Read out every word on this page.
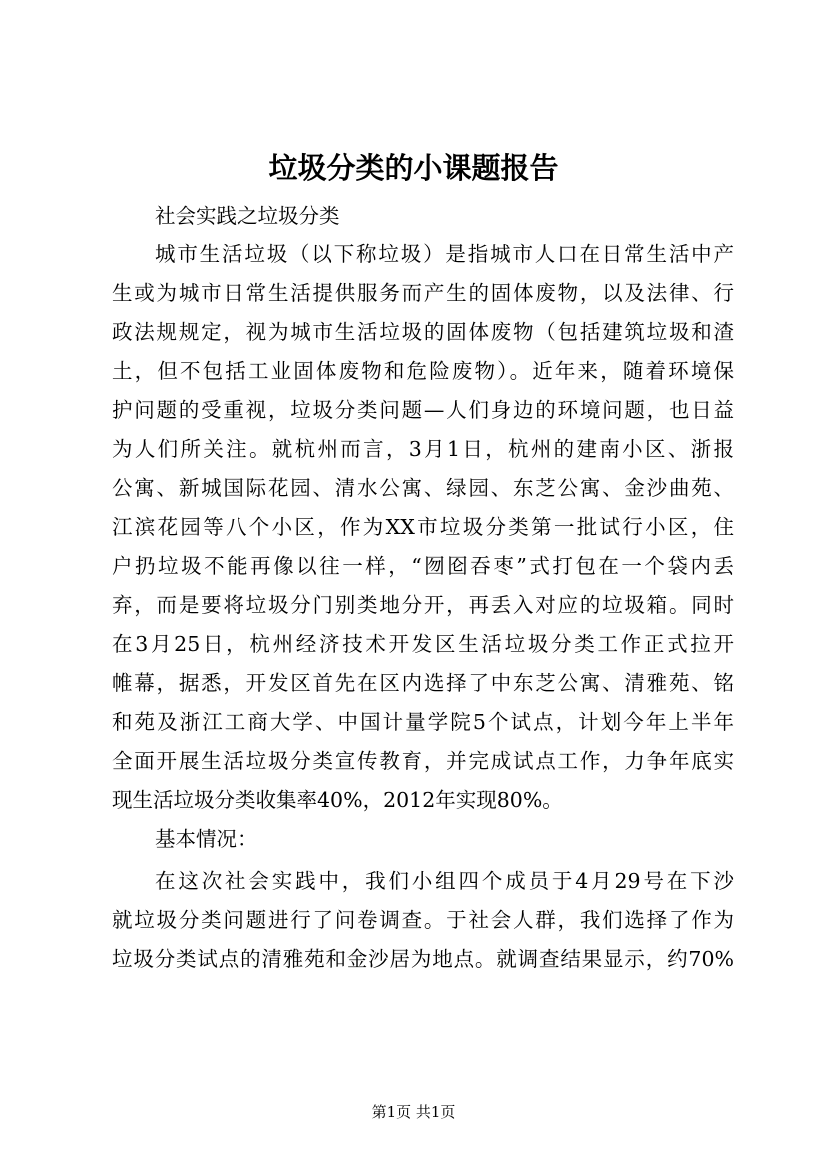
垃圾分类的小课题报告
社会实践之垃圾分类
城市生活垃圾（以下称垃圾）是指城市人口在日常生活中产
生或为城市日常生活提供服务而产生的固体废物，以及法律、行
政法规规定，视为城市生活垃圾的固体废物（包括建筑垃圾和渣
土，但不包括工业固体废物和危险废物）。近年来，随着环境保
护问题的受重视，垃圾分类问题—人们身边的环境问题，也日益
为人们所关注。就杭州而言，3月1日，杭州的建南小区、浙报
公寓、新城国际花园、清水公寓、绿园、东芝公寓、金沙曲苑、
江滨花园等八个小区，作为XX市垃圾分类第一批试行小区，住
户扔垃圾不能再像以往一样，“囫囵吞枣”式打包在一个袋内丢
弃，而是要将垃圾分门别类地分开，再丢入对应的垃圾箱。同时
在3月25日，杭州经济技术开发区生活垃圾分类工作正式拉开
帷幕，据悉，开发区首先在区内选择了中东芝公寓、清雅苑、铭
和苑及浙江工商大学、中国计量学院5个试点，计划今年上半年
全面开展生活垃圾分类宣传教育，并完成试点工作，力争年底实
现生活垃圾分类收集率40%，2012年实现80%。
基本情况：
在这次社会实践中，我们小组四个成员于4月29号在下沙
就垃圾分类问题进行了问卷调查。于社会人群，我们选择了作为
垃圾分类试点的清雅苑和金沙居为地点。就调查结果显示，约70%
第1页 共1页
